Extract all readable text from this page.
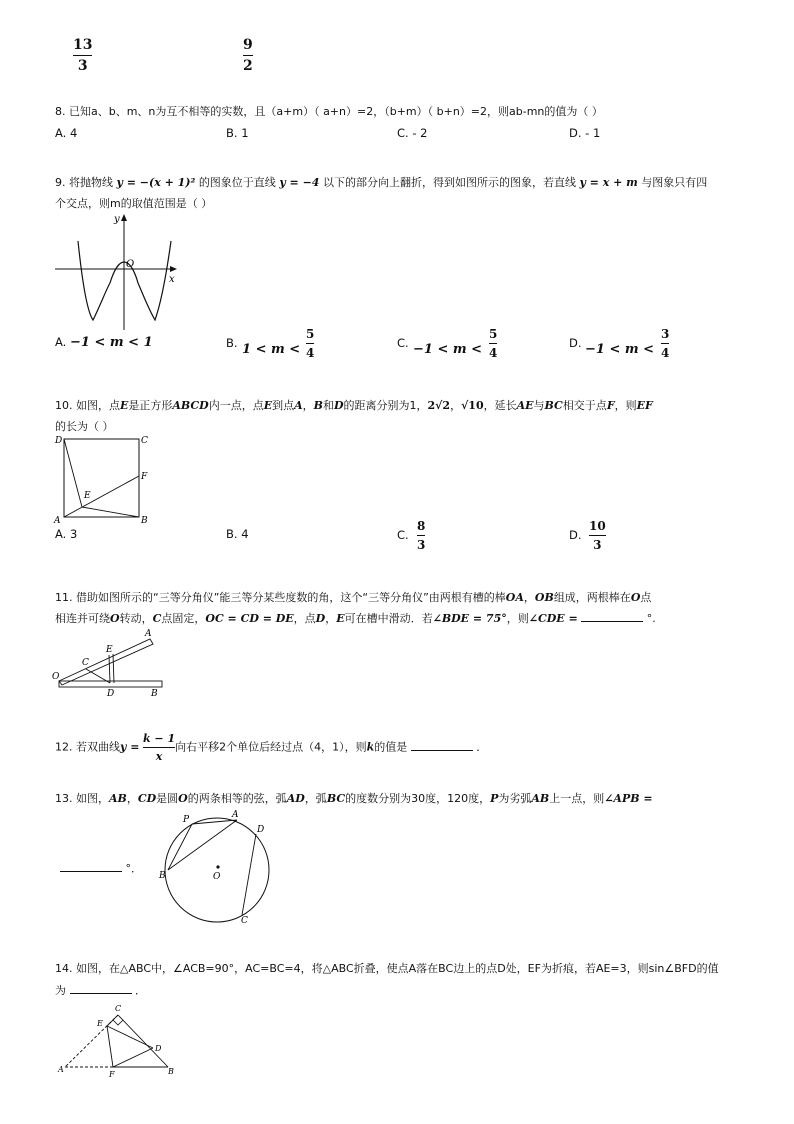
13
3
9
2
8. 已知a、b、m、n为互不相等的实数，且（a+m）（ a+n）=2，（b+m）（ b+n）=2，则ab-mn的值为（ ）
A. 4	B. 1	C. - 2	D. - 1
9. 将抛物线 y = −(x + 1)² 的图象位于直线 y = −4 以下的部分向上翻折，得到如图所示的图象，若直线 y = x + m 与图象只有四
个交点，则m的取值范围是（ ）
y
O
x
A. −1 < m < 1	B. 1 < m <
5
4
C. −1 < m <
5
4
D. −1 < m <
3
4
10. 如图，点E是正方形ABCD内一点，点E到点A，B和D的距离分别为1，2√2，√10，延长AE与BC相交于点F，则EF
的长为（ ）
D	C
F
E
A	B
A. 3	B. 4	C.
8
3
D.
10
3
11. 借助如图所示的“三等分角仪”能三等分某些度数的角，这个“三等分角仪”由两根有槽的棒OA，OB组成，两根棒在O点
相连并可绕O转动，C点固定，OC = CD = DE，点D，E可在槽中滑动．若∠BDE = 75°，则∠CDE =	°.
O
C
E
A
D	B
12. 若双曲线$y = \frac{k - 1}{x}$ 向右平移2个单位后经过点（4，1），则k的值是	．
13. 如图，AB，CD是圆O的两条相等的弦，弧AD，弧BC的度数分别为30度，120度，P为劣弧AB上一点，则∠APB =
°．
P	A
D
B	O
C
14. 如图，在△ABC中，∠ACB=90°，AC=BC=4，将△ABC折叠，使点A落在BC边上的点D处，EF为折痕，若AE=3，则sin∠BFD的值
为	．
C
E
D
A
F	B
